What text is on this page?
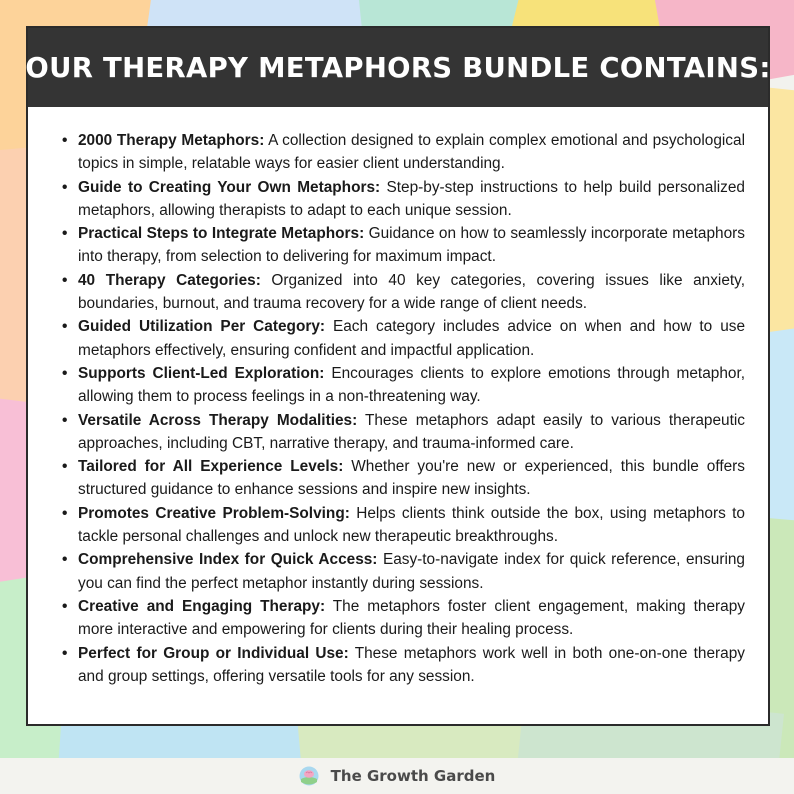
OUR THERAPY METAPHORS BUNDLE CONTAINS:
• 2000 Therapy Metaphors: A collection designed to explain complex emotional and psychological topics in simple, relatable ways for easier client understanding.
• Guide to Creating Your Own Metaphors: Step-by-step instructions to help build personalized metaphors, allowing therapists to adapt to each unique session.
• Practical Steps to Integrate Metaphors: Guidance on how to seamlessly incorporate metaphors into therapy, from selection to delivering for maximum impact.
• 40 Therapy Categories: Organized into 40 key categories, covering issues like anxiety, boundaries, burnout, and trauma recovery for a wide range of client needs.
• Guided Utilization Per Category: Each category includes advice on when and how to use metaphors effectively, ensuring confident and impactful application.
• Supports Client-Led Exploration: Encourages clients to explore emotions through metaphor, allowing them to process feelings in a non-threatening way.
• Versatile Across Therapy Modalities: These metaphors adapt easily to various therapeutic approaches, including CBT, narrative therapy, and trauma-informed care.
• Tailored for All Experience Levels: Whether you're new or experienced, this bundle offers structured guidance to enhance sessions and inspire new insights.
• Promotes Creative Problem-Solving: Helps clients think outside the box, using metaphors to tackle personal challenges and unlock new therapeutic breakthroughs.
• Comprehensive Index for Quick Access: Easy-to-navigate index for quick reference, ensuring you can find the perfect metaphor instantly during sessions.
• Creative and Engaging Therapy: The metaphors foster client engagement, making therapy more interactive and empowering for clients during their healing process.
• Perfect for Group or Individual Use: These metaphors work well in both one-on-one therapy and group settings, offering versatile tools for any session.
The Growth Garden
